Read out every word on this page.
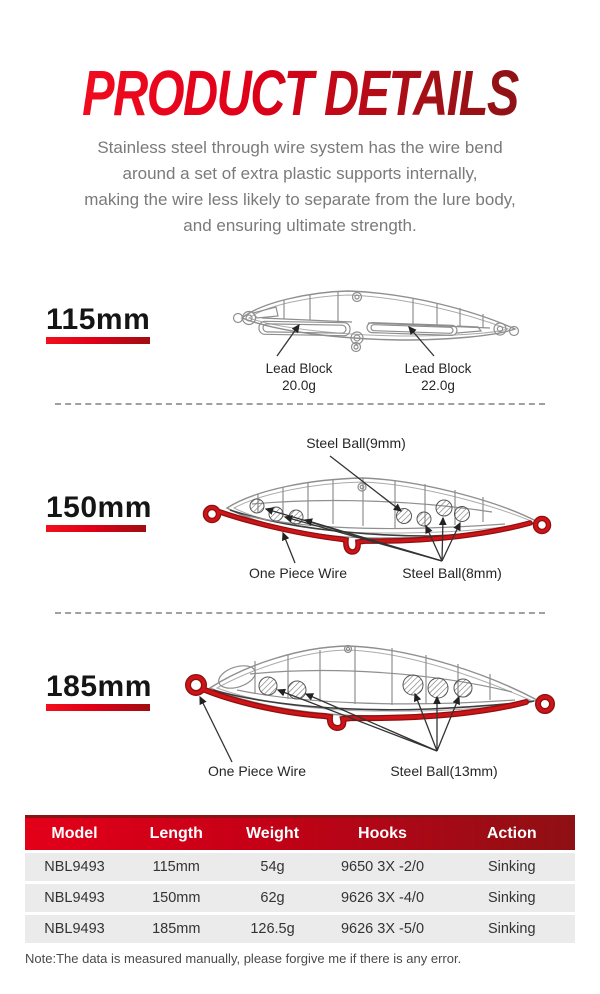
PRODUCT DETAILS
Stainless steel through wire system has the wire bend
around a set of extra plastic supports internally,
making the wire less likely to separate from the lure body,
and ensuring ultimate strength.
115mm
Lead Block
20.0g
Lead Block
22.0g
150mm
Steel Ball(9mm)
One Piece Wire	Steel Ball(8mm)
185mm
One Piece Wire	Steel Ball(13mm)
Model	Length	Weight	Hooks	Action
NBL9493	115mm	54g	9650 3X -2/0	Sinking
NBL9493	150mm	62g	9626 3X -4/0	Sinking
NBL9493	185mm	126.5g	9626 3X -5/0	Sinking
Note:The data is measured manually, please forgive me if there is any error.
